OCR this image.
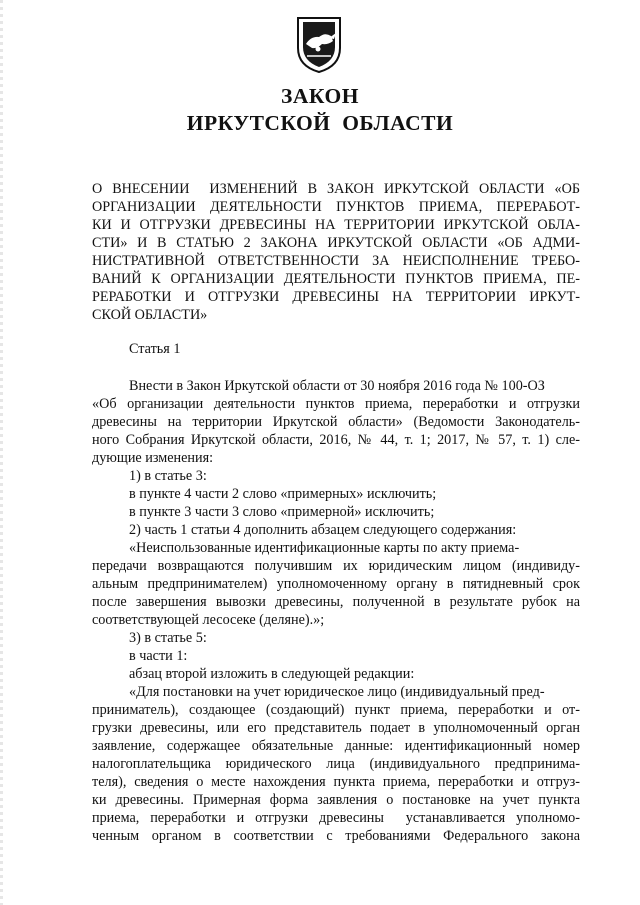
ЗАКОН
ИРКУТСКОЙ  ОБЛАСТИ
О ВНЕСЕНИИ  ИЗМЕНЕНИЙ В ЗАКОН ИРКУТСКОЙ ОБЛАСТИ «ОБ
ОРГАНИЗАЦИИ ДЕЯТЕЛЬНОСТИ ПУНКТОВ ПРИЕМА, ПЕРЕРАБОТ-
КИ И ОТГРУЗКИ ДРЕВЕСИНЫ НА ТЕРРИТОРИИ ИРКУТСКОЙ ОБЛА-
СТИ» И В СТАТЬЮ 2 ЗАКОНА ИРКУТСКОЙ ОБЛАСТИ «ОБ АДМИ-
НИСТРАТИВНОЙ ОТВЕТСТВЕННОСТИ ЗА НЕИСПОЛНЕНИЕ ТРЕБО-
ВАНИЙ К ОРГАНИЗАЦИИ ДЕЯТЕЛЬНОСТИ ПУНКТОВ ПРИЕМА, ПЕ-
РЕРАБОТКИ И ОТГРУЗКИ ДРЕВЕСИНЫ НА ТЕРРИТОРИИ ИРКУТ-
СКОЙ ОБЛАСТИ»
Статья 1
Внести в Закон Иркутской области от 30 ноября 2016 года № 100-ОЗ
«Об организации деятельности пунктов приема, переработки и отгрузки
древесины на территории Иркутской области» (Ведомости Законодатель-
ного Собрания Иркутской области, 2016, № 44, т. 1; 2017, № 57, т. 1) сле-
дующие изменения:
1) в статье 3:
в пункте 4 части 2 слово «примерных» исключить;
в пункте 3 части 3 слово «примерной» исключить;
2) часть 1 статьи 4 дополнить абзацем следующего содержания:
«Неиспользованные идентификационные карты по акту приема-
передачи возвращаются получившим их юридическим лицом (индивиду-
альным предпринимателем) уполномоченному органу в пятидневный срок
после завершения вывозки древесины, полученной в результате рубок на
соответствующей лесосеке (деляне).»;
3) в статье 5:
в части 1:
абзац второй изложить в следующей редакции:
«Для постановки на учет юридическое лицо (индивидуальный пред-
приниматель), создающее (создающий) пункт приема, переработки и от-
грузки древесины, или его представитель подает в уполномоченный орган
заявление, содержащее обязательные данные: идентификационный номер
налогоплательщика юридического лица (индивидуального предпринима-
теля), сведения о месте нахождения пункта приема, переработки и отгруз-
ки древесины. Примерная форма заявления о постановке на учет пункта
приема, переработки и отгрузки древесины  устанавливается уполномо-
ченным органом в соответствии с требованиями Федерального закона
